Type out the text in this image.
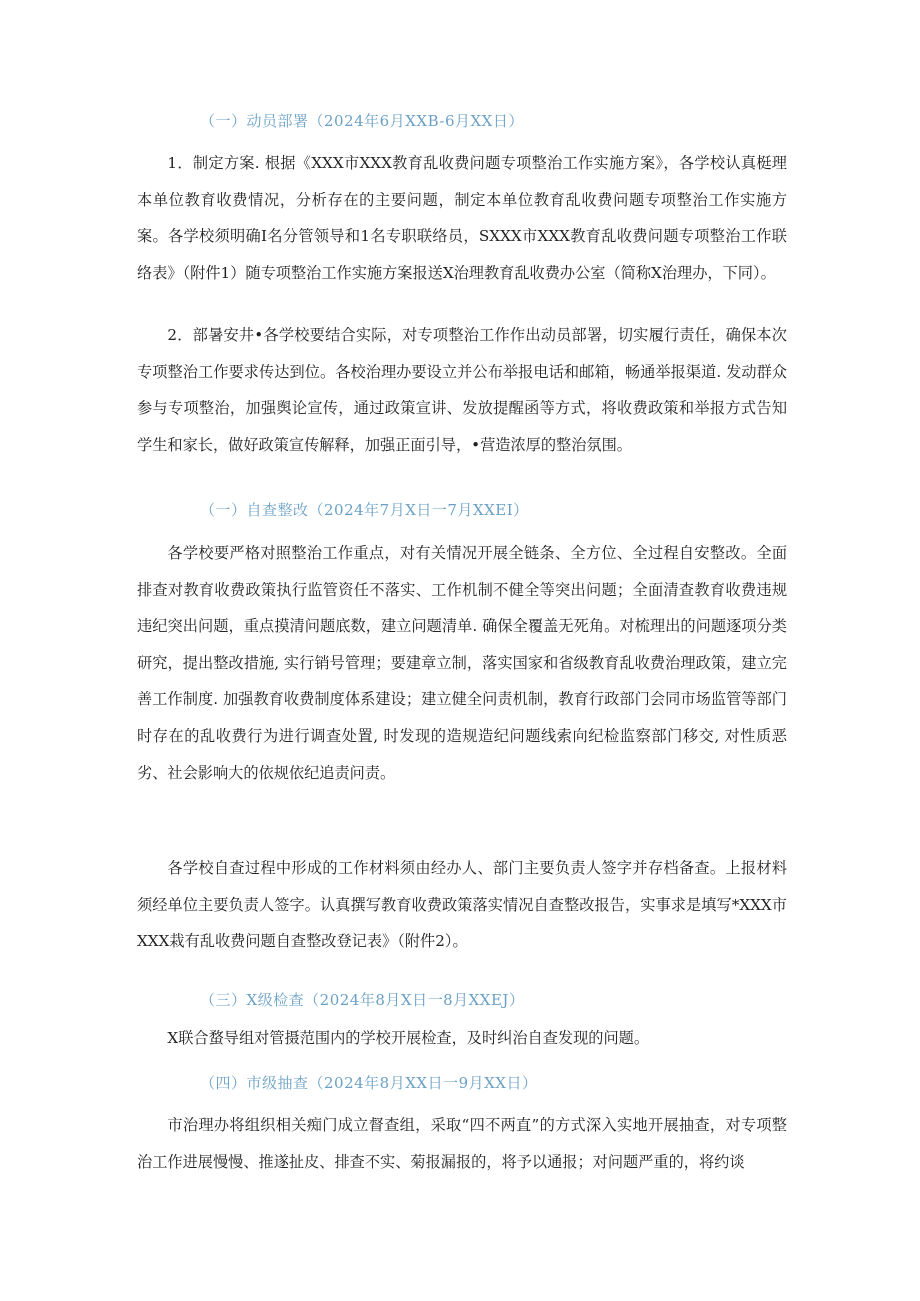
（一）动员部署（2024年6月XXB-6月XX日）
1．制定方案. 根据《XXX市XXX教育乱收费问题专项整治工作实施方案》，各学校认真梃理本单位教育收费情况，分析存在的主要问题，制定本单位教育乱收费问题专项整治工作实施方案。各学校须明确I名分管领导和1名专职联络员，SXXX市XXX教育乱收费问题专项整治工作联络表》（附件1）随专项整治工作实施方案报送X治理教育乱收费办公室（简称X治理办，下同）。
2．部暑安井•各学校要结合实际，对专项整治工作作出动员部署，切实履行责任，确保本次专项整治工作要求传达到位。各校治理办要设立并公布举报电话和邮箱，畅通举报渠道. 发动群众参与专项整治，加强舆论宣传，通过政策宣讲、发放提醒函等方式，将收费政策和举报方式告知学生和家长，做好政策宣传解释，加强正面引导，•营造浓厚的整治氛围。
（一）自查整改（2024年7月X日一7月XXEI）
各学校要严格对照整治工作重点，对有关情况开展全链条、全方位、全过程自安整改。全面排查对教育收费政策执行监管资任不落实、工作机制不健全等突出问题；全面清查教育收费违规违纪突出问题，重点摸清问题底数，建立问题清单. 确保全覆盖无死角。对梳理出的问题逐项分类研究，提出整改措施, 实行销号管理；要建章立制，落实国家和省级教育乱收费治理政策，建立完善工作制度. 加强教育收费制度体系建设；建立健全问责机制，教育行政部门会同市场监管等部门时存在的乱收费行为进行调查处置, 时发现的造规造纪问题线索向纪检监察部门移交, 对性质恶劣、社会影响大的依规依纪追责问责。
各学校自查过程中形成的工作材料须由经办人、部门主要负责人签字并存档备查。上报材料须经单位主要负责人签字。认真撰写教育收费政策落实情况自查整改报告，实事求是填写*XXX市XXX栽有乱收费问题自查整改登记表》（附件2）。
（三）X级检查（2024年8月X日一8月XXEJ）
X联合蝥导组对管摄范围内的学校开展检查，及时纠治自查发现的问题。
（四）市级抽查（2024年8月XX日一9月XX日）
市治理办将组织相关痴门成立督查组，采取“四不两直”的方式深入实地开展抽查，对专项整治工作进展慢慢、推遂扯皮、排查不实、菊报漏报的，将予以通报；对问题严重的，将约谈
